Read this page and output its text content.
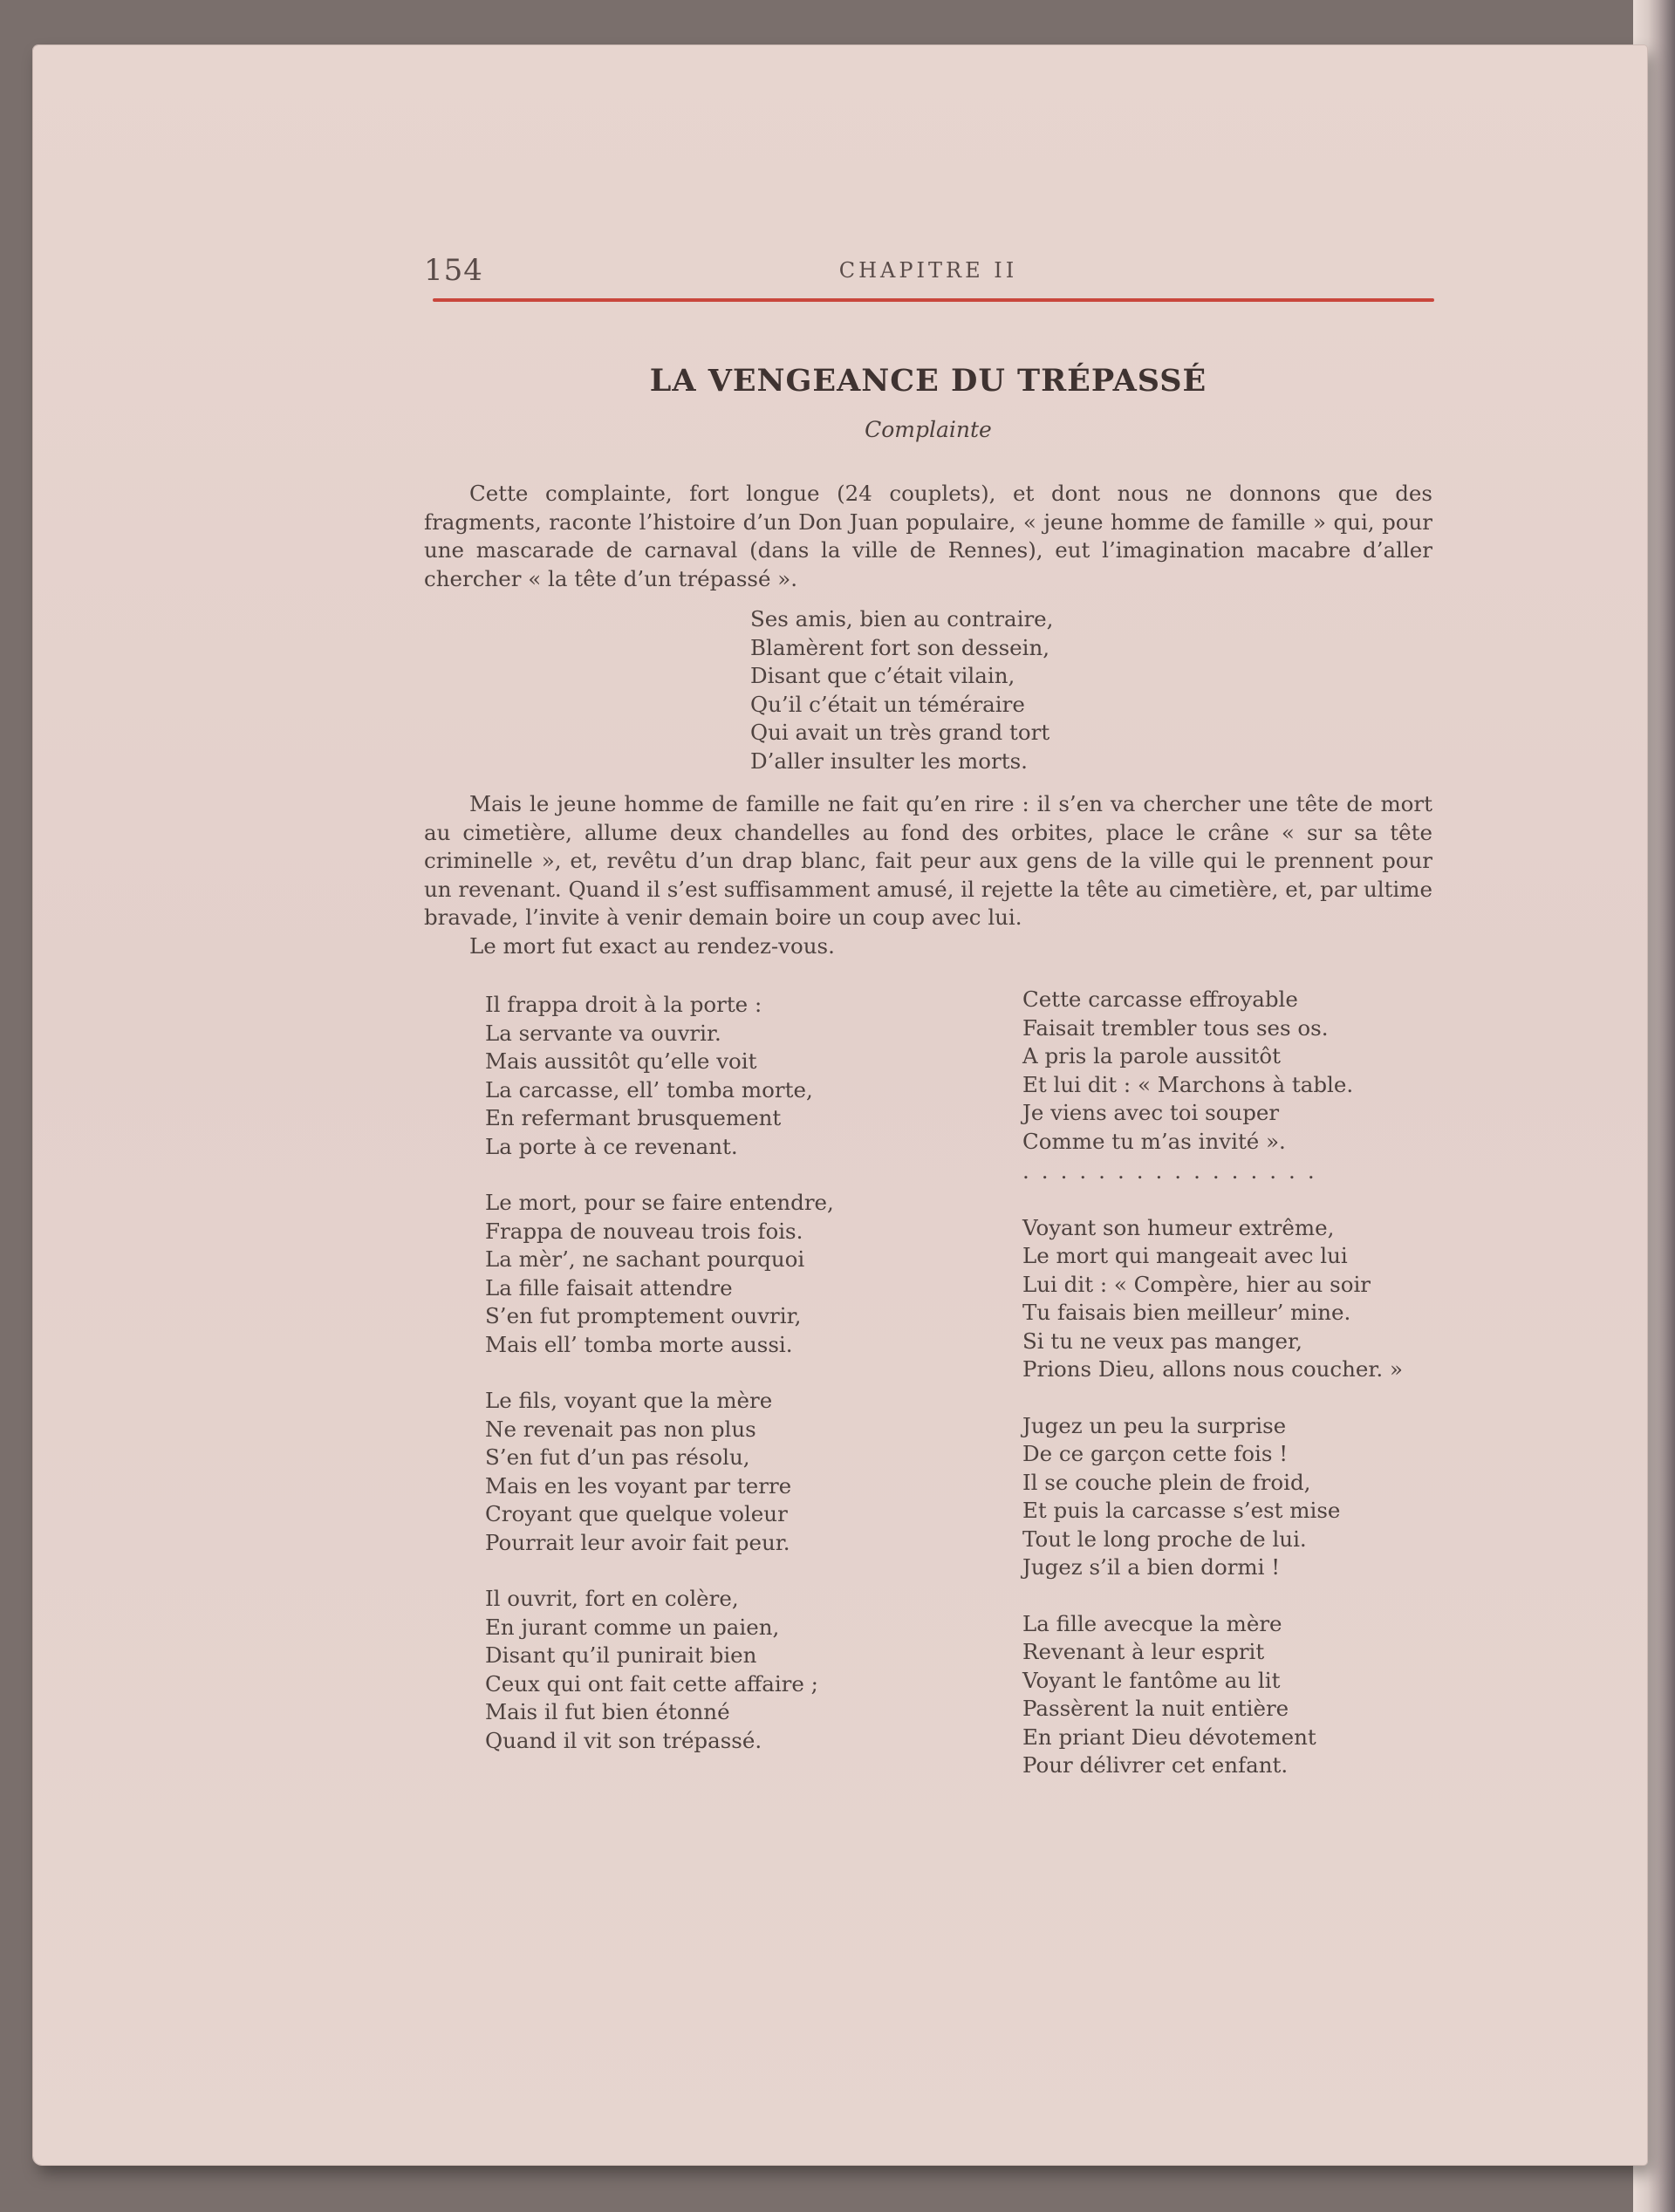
154	CHAPITRE II
LA VENGEANCE DU TRÉPASSÉ
Complainte

Cette complainte, fort longue (24 couplets), et dont nous ne donnons que des fragments, raconte l’histoire d’un Don Juan populaire, « jeune homme de famille » qui, pour une mascarade de carnaval (dans la ville de Rennes), eut l’imagination macabre d’aller chercher « la tête d’un trépassé ».

Ses amis, bien au contraire,
Blamèrent fort son dessein,
Disant que c’était vilain,
Qu’il c’était un téméraire
Qui avait un très grand tort
D’aller insulter les morts.

Mais le jeune homme de famille ne fait qu’en rire : il s’en va chercher une tête de mort au cimetière, allume deux chandelles au fond des orbites, place le crâne « sur sa tête criminelle », et, revêtu d’un drap blanc, fait peur aux gens de la ville qui le prennent pour un revenant. Quand il s’est suffisamment amusé, il rejette la tête au cimetière, et, par ultime bravade, l’invite à venir demain boire un coup avec lui.

Le mort fut exact au rendez-vous.

Il frappa droit à la porte :
La servante va ouvrir.
Mais aussitôt qu’elle voit
La carcasse, ell’ tomba morte,
En refermant brusquement
La porte à ce revenant.
Le mort, pour se faire entendre,
Frappa de nouveau trois fois.
La mèr’, ne sachant pourquoi
La fille faisait attendre
S’en fut promptement ouvrir,
Mais ell’ tomba morte aussi.
Le fils, voyant que la mère
Ne revenait pas non plus
S’en fut d’un pas résolu,
Mais en les voyant par terre
Croyant que quelque voleur
Pourrait leur avoir fait peur.
Il ouvrit, fort en colère,
En jurant comme un paien,
Disant qu’il punirait bien
Ceux qui ont fait cette affaire ;
Mais il fut bien étonné
Quand il vit son trépassé.
Cette carcasse effroyable
Faisait trembler tous ses os.
A pris la parole aussitôt
Et lui dit : « Marchons à table.
Je viens avec toi souper
Comme tu m’as invité ».
................
Voyant son humeur extrême,
Le mort qui mangeait avec lui
Lui dit : « Compère, hier au soir
Tu faisais bien meilleur’ mine.
Si tu ne veux pas manger,
Prions Dieu, allons nous coucher. »
Jugez un peu la surprise
De ce garçon cette fois !
Il se couche plein de froid,
Et puis la carcasse s’est mise
Tout le long proche de lui.
Jugez s’il a bien dormi !
La fille avecque la mère
Revenant à leur esprit
Voyant le fantôme au lit
Passèrent la nuit entière
En priant Dieu dévotement
Pour délivrer cet enfant.
